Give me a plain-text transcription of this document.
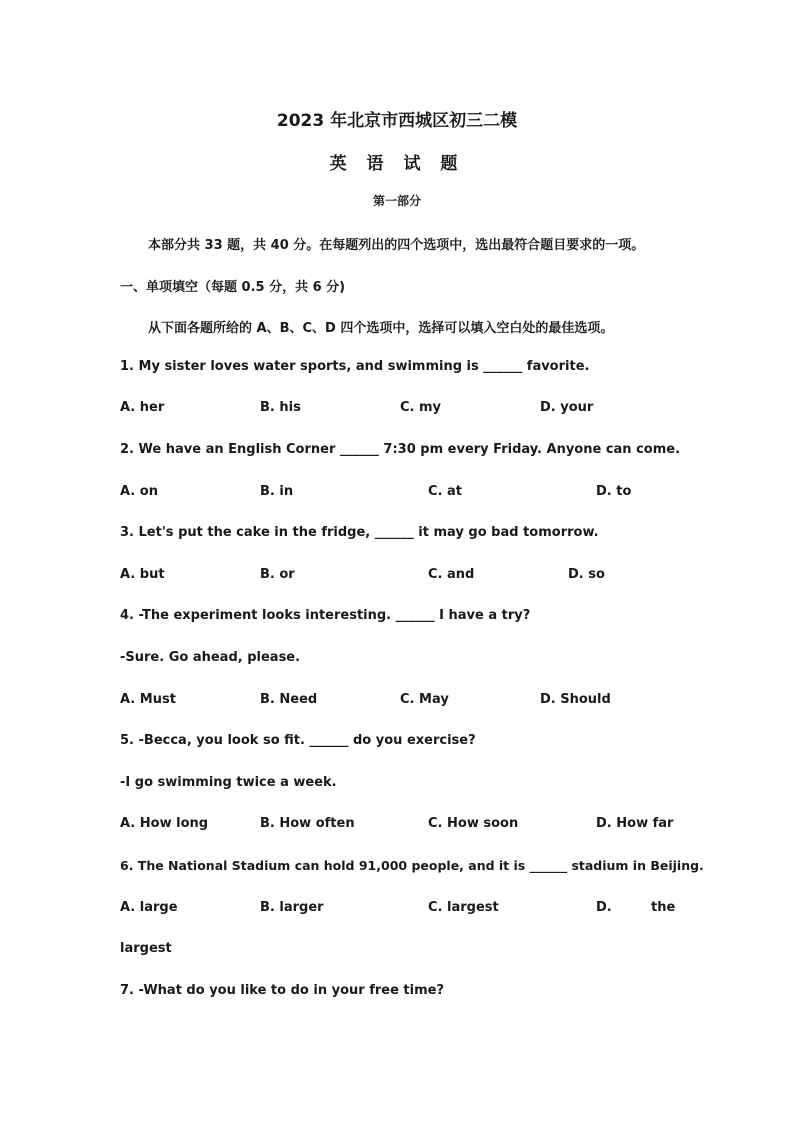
2023 年北京市西城区初三二模
英 语 试 题
第一部分
本部分共 33 题，共 40 分。在每题列出的四个选项中，选出最符合题目要求的一项。
一、单项填空（每题 0.5 分，共 6 分)
从下面各题所给的 A、B、C、D 四个选项中，选择可以填入空白处的最佳选项。
1. My sister loves water sports, and swimming is ______ favorite.
A. her	B. his	C. my	D. your
2. We have an English Corner ______ 7:30 pm every Friday. Anyone can come.
A. on	B. in	C. at	D. to
3. Let's put the cake in the fridge, ______ it may go bad tomorrow.
A. but	B. or	C. and	D. so
4. -The experiment looks interesting. ______ I have a try?
-Sure. Go ahead, please.
A. Must	B. Need	C. May	D. Should
5. -Becca, you look so fit. ______ do you exercise?
-I go swimming twice a week.
A. How long	B. How often	C. How soon	D. How far
6. The National Stadium can hold 91,000 people, and it is ______ stadium in Beijing.
A. large	B. larger	C. largest	D.	the
largest
7. -What do you like to do in your free time?
